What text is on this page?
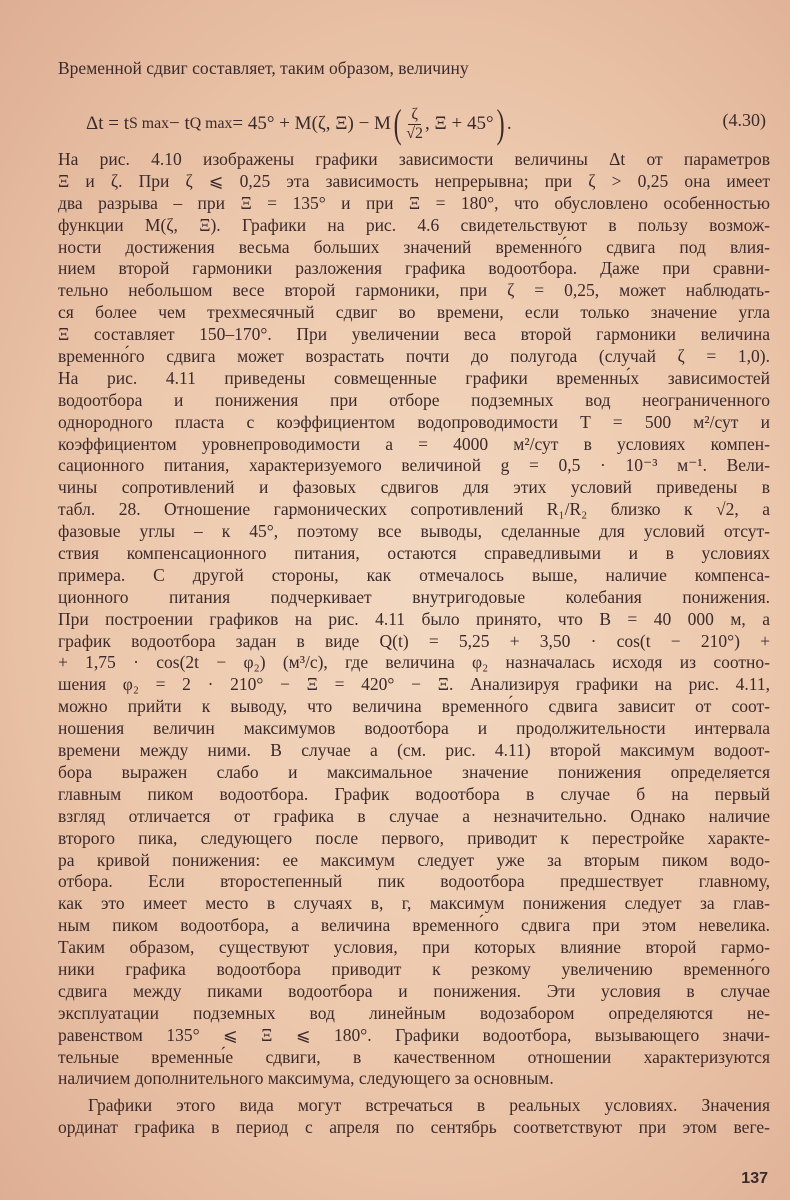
Временной сдвиг составляет, таким образом, величину
Δt = t S max − t Q max = 45° + M(ζ, Ξ) − M ( $\frac{\zeta}{√2}$ , Ξ + 45° ) .	(4.30)
На рис. 4.10 изображены графики зависимости величины Δt от параметров
Ξ и ζ. При ζ ⩽ 0,25 эта зависимость непрерывна; при ζ > 0,25 она имеет
два разрыва – при Ξ = 135° и при Ξ = 180°, что обусловлено особенностью
функции M(ζ, Ξ). Графики на рис. 4.6 свидетельствуют в пользу возмож-
ности достижения весьма больших значений временно́го сдвига под влия-
нием второй гармоники разложения графика водоотбора. Даже при сравни-
тельно небольшом весе второй гармоники, при ζ = 0,25, может наблюдать-
ся более чем трехмесячный сдвиг во времени, если только значение угла
Ξ составляет 150–170°. При увеличении веса второй гармоники величина
временно́го сдвига может возрастать почти до полугода (случай ζ = 1,0).
На рис. 4.11 приведены совмещенные графики временны́х зависимостей
водоотбора и понижения при отборе подземных вод неограниченного
однородного пласта с коэффициентом водопроводимости T = 500 м²/сут и
коэффициентом уровнепроводимости a = 4000 м²/сут в условиях компен-
сационного питания, характеризуемого величиной g = 0,5 · 10⁻³ м⁻¹. Вели-
чины сопротивлений и фазовых сдвигов для этих условий приведены в
табл. 28. Отношение гармонических сопротивлений R₁/R₂ близко к √2, а
фазовые углы – к 45°, поэтому все выводы, сделанные для условий отсут-
ствия компенсационного питания, остаются справедливыми и в условиях
примера. С другой стороны, как отмечалось выше, наличие компенса-
ционного питания подчеркивает внутригодовые колебания понижения.
При построении графиков на рис. 4.11 было принято, что B = 40 000 м, а
график водоотбора задан в виде Q(t) = 5,25 + 3,50 · cos(t − 210°) +
+ 1,75 · cos(2t − φ₂) (м³/с), где величина φ₂ назначалась исходя из соотно-
шения φ₂ = 2 · 210° − Ξ = 420° − Ξ. Анализируя графики на рис. 4.11,
можно прийти к выводу, что величина временно́го сдвига зависит от соот-
ношения величин максимумов водоотбора и продолжительности интервала
времени между ними. В случае a (см. рис. 4.11) второй максимум водоот-
бора выражен слабо и максимальное значение понижения определяется
главным пиком водоотбора. График водоотбора в случае б на первый
взгляд отличается от графика в случае a незначительно. Однако наличие
второго пика, следующего после первого, приводит к перестройке характе-
ра кривой понижения: ее максимум следует уже за вторым пиком водо-
отбора. Если второстепенный пик водоотбора предшествует главному,
как это имеет место в случаях в, г, максимум понижения следует за глав-
ным пиком водоотбора, а величина временно́го сдвига при этом невелика.
Таким образом, существуют условия, при которых влияние второй гармо-
ники графика водоотбора приводит к резкому увеличению временно́го
сдвига между пиками водоотбора и понижения. Эти условия в случае
эксплуатации подземных вод линейным водозабором определяются не-
равенством 135° ⩽ Ξ ⩽ 180°. Графики водоотбора, вызывающего значи-
тельные временны́е сдвиги, в качественном отношении характеризуются
наличием дополнительного максимума, следующего за основным.
Графики этого вида могут встречаться в реальных условиях. Значения
ординат графика в период с апреля по сентябрь соответствуют при этом веге-
137
